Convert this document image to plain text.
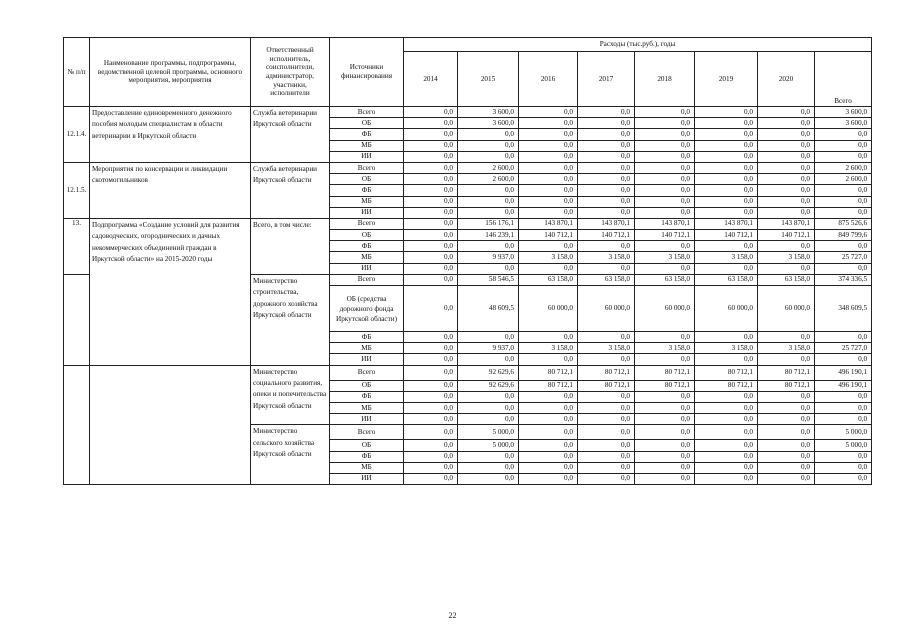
№ п/п	Наименование программы, подпрограммы, ведомственной целевой программы, основного мероприятия, мероприятия	Ответственный исполнитель, соисполнители, администратор, участники, исполнители	Источники финансирования	Расходы (тыс.руб.), годы							
				2014	2015	2016	2017	2018	2019	2020	Всего
12.1.4.	Предоставление единовременного денежного пособия молодым специалистам в области ветеринарии в Иркутской области	Служба ветеринарии Иркутской области	Всего	0,0	3 600,0	0,0	0,0	0,0	0,0	0,0	3 600,0
			ОБ	0,0	3 600,0	0,0	0,0	0,0	0,0	0,0	3 600,0
			ФБ	0,0	0,0	0,0	0,0	0,0	0,0	0,0	0,0
			МБ	0,0	0,0	0,0	0,0	0,0	0,0	0,0	0,0
			ИИ	0,0	0,0	0,0	0,0	0,0	0,0	0,0	0,0
12.1.5.	Мероприятия по консервации и ликвидации скотомогильников	Служба ветеринарии Иркутской области	Всего	0,0	2 600,0	0,0	0,0	0,0	0,0	0,0	2 600,0
			ОБ	0,0	2 600,0	0,0	0,0	0,0	0,0	0,0	2 600,0
			ФБ	0,0	0,0	0,0	0,0	0,0	0,0	0,0	0,0
			МБ	0,0	0,0	0,0	0,0	0,0	0,0	0,0	0,0
			ИИ	0,0	0,0	0,0	0,0	0,0	0,0	0,0	0,0
13.	Подпрограмма «Создание условий для развития садоводческих, огороднических и дачных некоммерческих объединений граждан в Иркутской области» на 2015-2020 годы	Всего, в том числе:	Всего	0,0	156 176,1	143 870,1	143 870,1	143 870,1	143 870,1	143 870,1	875 526,6
			ОБ	0,0	146 239,1	140 712,1	140 712,1	140 712,1	140 712,1	140 712,1	849 799,6
			ФБ	0,0	0,0	0,0	0,0	0,0	0,0	0,0	0,0
			МБ	0,0	9 937,0	3 158,0	3 158,0	3 158,0	3 158,0	3 158,0	25 727,0
			ИИ	0,0	0,0	0,0	0,0	0,0	0,0	0,0	0,0
		Министерство строительства, дорожного хозяйства Иркутской области	Всего	0,0	58 546,5	63 158,0	63 158,0	63 158,0	63 158,0	63 158,0	374 336,5
			ОБ (средства дорожного фонда Иркутской области)	0,0	48 609,5	60 000,0	60 000,0	60 000,0	60 000,0	60 000,0	348 609,5
			ФБ	0,0	0,0	0,0	0,0	0,0	0,0	0,0	0,0
			МБ	0,0	9 937,0	3 158,0	3 158,0	3 158,0	3 158,0	3 158,0	25 727,0
			ИИ	0,0	0,0	0,0	0,0	0,0	0,0	0,0	0,0
		Министерство социального развития, опеки и попечительства Иркутской области	Всего	0,0	92 629,6	80 712,1	80 712,1	80 712,1	80 712,1	80 712,1	496 190,1
			ОБ	0,0	92 629,6	80 712,1	80 712,1	80 712,1	80 712,1	80 712,1	496 190,1
			ФБ	0,0	0,0	0,0	0,0	0,0	0,0	0,0	0,0
			МБ	0,0	0,0	0,0	0,0	0,0	0,0	0,0	0,0
			ИИ	0,0	0,0	0,0	0,0	0,0	0,0	0,0	0,0
		Министерство сельского хозяйства Иркутской области	Всего	0,0	5 000,0	0,0	0,0	0,0	0,0	0,0	5 000,0
			ОБ	0,0	5 000,0	0,0	0,0	0,0	0,0	0,0	5 000,0
			ФБ	0,0	0,0	0,0	0,0	0,0	0,0	0,0	0,0
			МБ	0,0	0,0	0,0	0,0	0,0	0,0	0,0	0,0
			ИИ	0,0	0,0	0,0	0,0	0,0	0,0	0,0	0,0
22
